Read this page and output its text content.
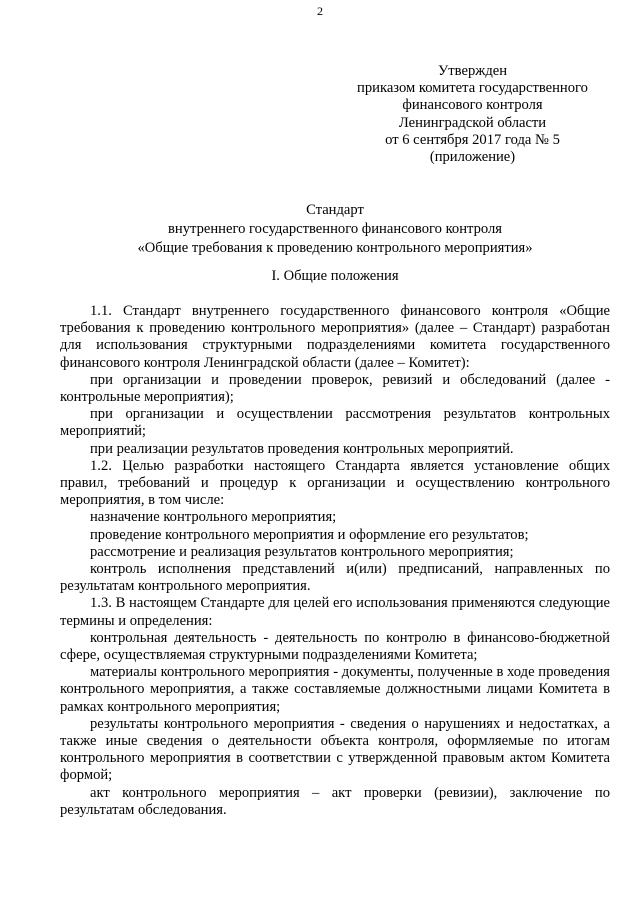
2
Утвержден
приказом комитета государственного
финансового контроля
Ленинградской области
от 6 сентября 2017 года № 5
(приложение)
Стандарт
внутреннего государственного финансового контроля
«Общие требования к проведению контрольного мероприятия»
I. Общие положения

1.1. Стандарт внутреннего государственного финансового контроля «Общие требования к проведению контрольного мероприятия» (далее – Стандарт) разработан для использования структурными подразделениями комитета государственного финансового контроля Ленинградской области (далее – Комитет):

при организации и проведении проверок, ревизий и обследований (далее - контрольные мероприятия);

при организации и осуществлении рассмотрения результатов контрольных мероприятий;

при реализации результатов проведения контрольных мероприятий.

1.2. Целью разработки настоящего Стандарта является установление общих правил, требований и процедур к организации и осуществлению контрольного мероприятия, в том числе:

назначение контрольного мероприятия;

проведение контрольного мероприятия и оформление его результатов;

рассмотрение и реализация результатов контрольного мероприятия;

контроль исполнения представлений и(или) предписаний, направленных по результатам контрольного мероприятия.

1.3. В настоящем Стандарте для целей его использования применяются следующие термины и определения:

контрольная деятельность - деятельность по контролю в финансово-бюджетной сфере, осуществляемая структурными подразделениями Комитета;

материалы контрольного мероприятия - документы, полученные в ходе проведения контрольного мероприятия, а также составляемые должностными лицами Комитета в рамках контрольного мероприятия;

результаты контрольного мероприятия - сведения о нарушениях и недостатках, а также иные сведения о деятельности объекта контроля, оформляемые по итогам контрольного мероприятия в соответствии с утвержденной правовым актом Комитета формой;

акт контрольного мероприятия – акт проверки (ревизии), заключение по результатам обследования.
